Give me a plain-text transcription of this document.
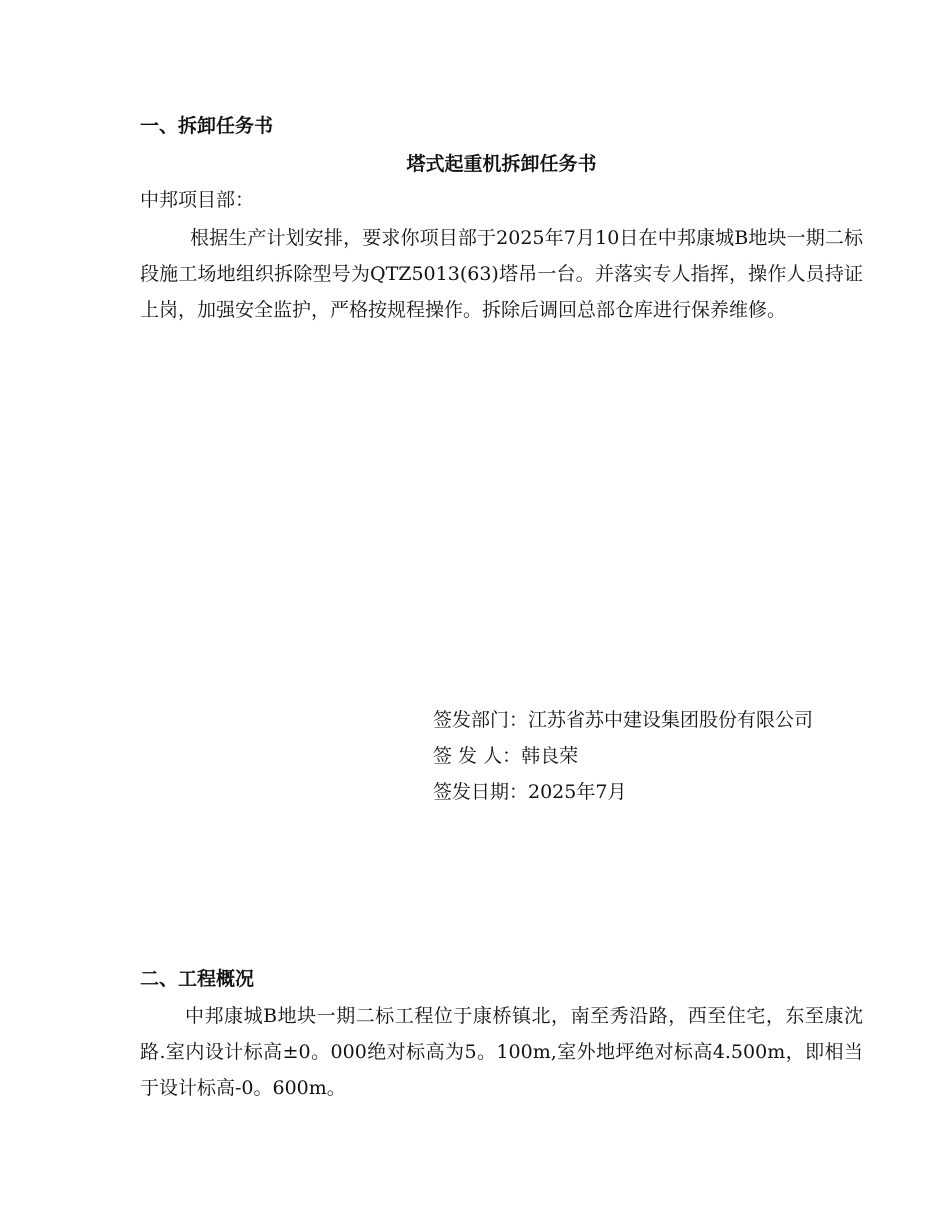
一、拆卸任务书
塔式起重机拆卸任务书
中邦项目部：
根据生产计划安排，要求你项目部于2025年7月10日在中邦康城B地块一期二标段施工场地组织拆除型号为QTZ5013(63)塔吊一台。并落实专人指挥，操作人员持证上岗，加强安全监护，严格按规程操作。拆除后调回总部仓库进行保养维修。
签发部门：江苏省苏中建设集团股份有限公司
签 发 人：韩良荣
签发日期：2025年7月
二、工程概况
中邦康城B地块一期二标工程位于康桥镇北，南至秀沿路，西至住宅，东至康沈路.室内设计标高±0。000绝对标高为5。100m,室外地坪绝对标高4.500m，即相当于设计标高-0。600m。
